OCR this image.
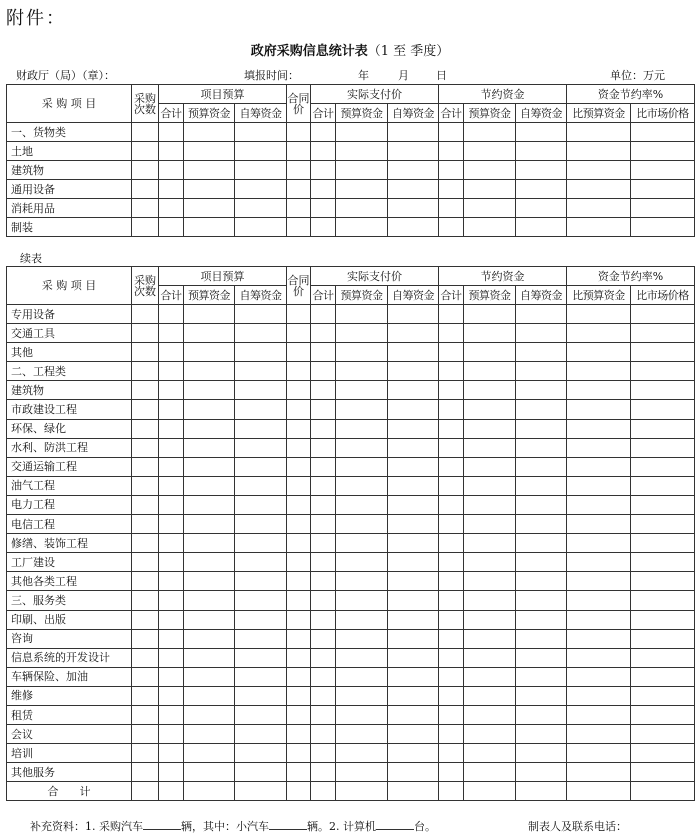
附件：
政府采购信息统计表（1 至 季度）
财政厅（局）（章）：	填报时间：	年	月 日	单位：万元
采 购 项 目	采购次数	项目预算			合同价	实际支付价			节约资金			资金节约率%	
		合计	预算资金	自筹资金		合计	预算资金	自筹资金	合计	预算资金	自筹资金	比预算资金	比市场价格
一、货物类													
土地													
建筑物													
通用设备													
消耗用品													
制装													
续表
采 购 项 目	采购次数	项目预算			合同价	实际支付价			节约资金			资金节约率%	
		合计	预算资金	自筹资金		合计	预算资金	自筹资金	合计	预算资金	自筹资金	比预算资金	比市场价格
专用设备													
交通工具													
其他													
二、工程类													
建筑物													
市政建设工程													
环保、绿化													
水利、防洪工程													
交通运输工程													
油气工程													
电力工程													
电信工程													
修缮、装饰工程													
工厂建设													
其他各类工程													
三、服务类													
印刷、出版													
咨询													
信息系统的开发设计													
车辆保险、加油													
维修													
租赁													
会议													
培训													
其他服务													
合      计													
补充资料：1. 采购汽车	辆，其中：小汽车	辆。2. 计算机	台。	制表人及联系电话：
